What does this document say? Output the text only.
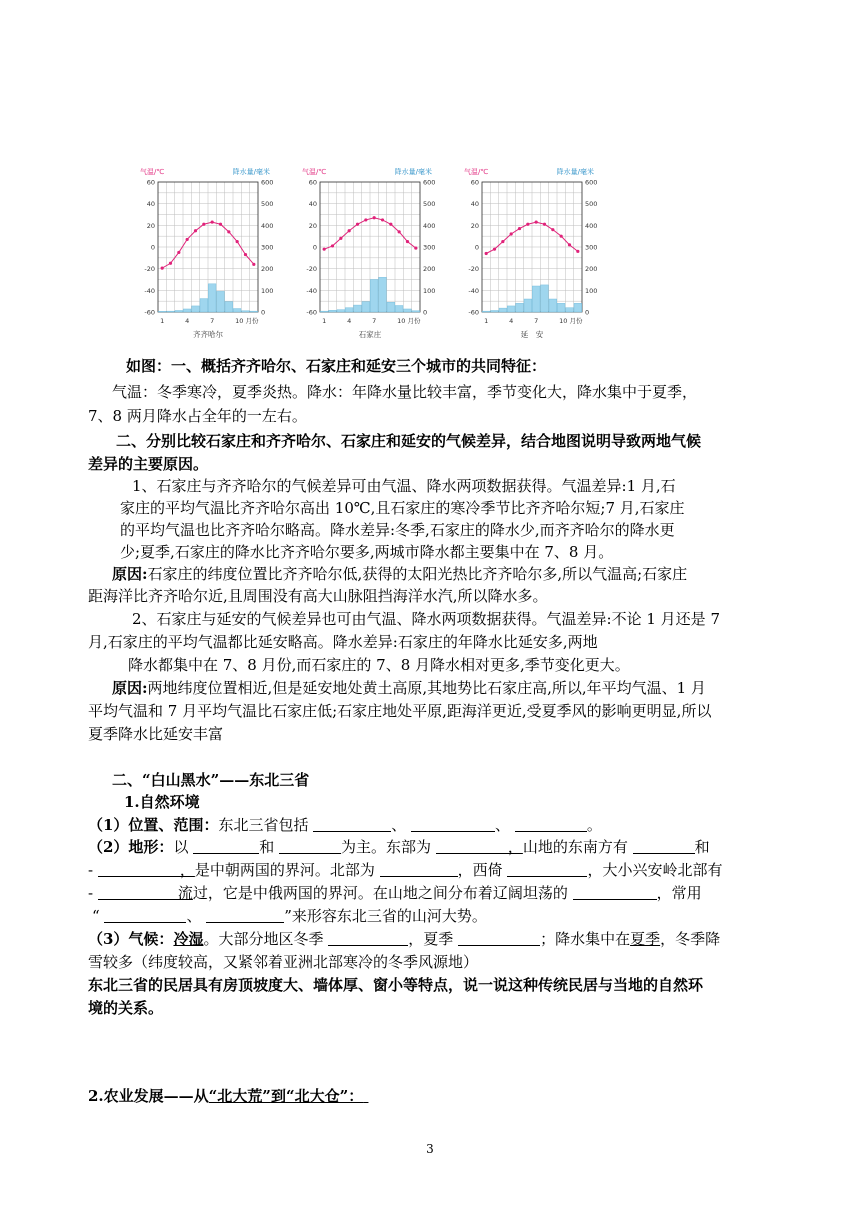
60
40
20
0
-20
-40
-60
600
500
400
300
200
100
0
气温/℃	降水量/毫米
1	4	7	10 月份
齐齐哈尔
60
40
20
0
-20
-40
-60
600
500
400
300
200
100
0
气温/℃	降水量/毫米
1	4	7	10 月份
石家庄
60
40
20
0
-20
-40
-60
600
500
400
300
200
100
0
气温/℃	降水量/毫米
1	4	7	10 月份
延　安
如图：一、概括齐齐哈尔、石家庄和延安三个城市的共同特征：
气温：冬季寒冷，夏季炎热。降水：年降水量比较丰富，季节变化大，降水集中于夏季，
7、8 两月降水占全年的一左右。
二、分别比较石家庄和齐齐哈尔、石家庄和延安的气候差异，结合地图说明导致两地气候
差异的主要原因。
1、石家庄与齐齐哈尔的气候差异可由气温、降水两项数据获得。气温差异:1 月,石
家庄的平均气温比齐齐哈尔高出 10℃,且石家庄的寒冷季节比齐齐哈尔短;7 月,石家庄
的平均气温也比齐齐哈尔略高。降水差异:冬季,石家庄的降水少,而齐齐哈尔的降水更
少;夏季,石家庄的降水比齐齐哈尔要多,两城市降水都主要集中在 7、8 月。
原因:石家庄的纬度位置比齐齐哈尔低,获得的太阳光热比齐齐哈尔多,所以气温高;石家庄
距海洋比齐齐哈尔近,且周围没有高大山脉阻挡海洋水汽,所以降水多。
2、石家庄与延安的气候差异也可由气温、降水两项数据获得。气温差异:不论 1 月还是 7
月,石家庄的平均气温都比延安略高。降水差异:石家庄的年降水比延安多,两地
降水都集中在 7、8 月份,而石家庄的 7、8 月降水相对更多,季节变化更大。
原因:两地纬度位置相近,但是延安地处黄土高原,其地势比石家庄高,所以,年平均气温、1 月
平均气温和 7 月平均气温比石家庄低;石家庄地处平原,距海洋更近,受夏季风的影响更明显,所以
夏季降水比延安丰富
二、“白山黑水”——东北三省
1.自然环境
（1）位置、范围：东北三省包括	、	、	。
（2）地形：以	和	为主。东部为	，山地的东南方有	和
-	，是中朝两国的界河。北部为	，西倚	，大小兴安岭北部有
-	流过，它是中俄两国的界河。在山地之间分布着辽阔坦荡的	，常用
“	、	”来形容东北三省的山河大势。
（3）气候：冷湿。大部分地区冬季	，夏季	；降水集中在夏季，冬季降
雪较多（纬度较高，又紧邻着亚洲北部寒冷的冬季风源地）
东北三省的民居具有房顶坡度大、墙体厚、窗小等特点，说一说这种传统民居与当地的自然环
境的关系。
2.农业发展——从“北大荒”到“北大仓”：
3
